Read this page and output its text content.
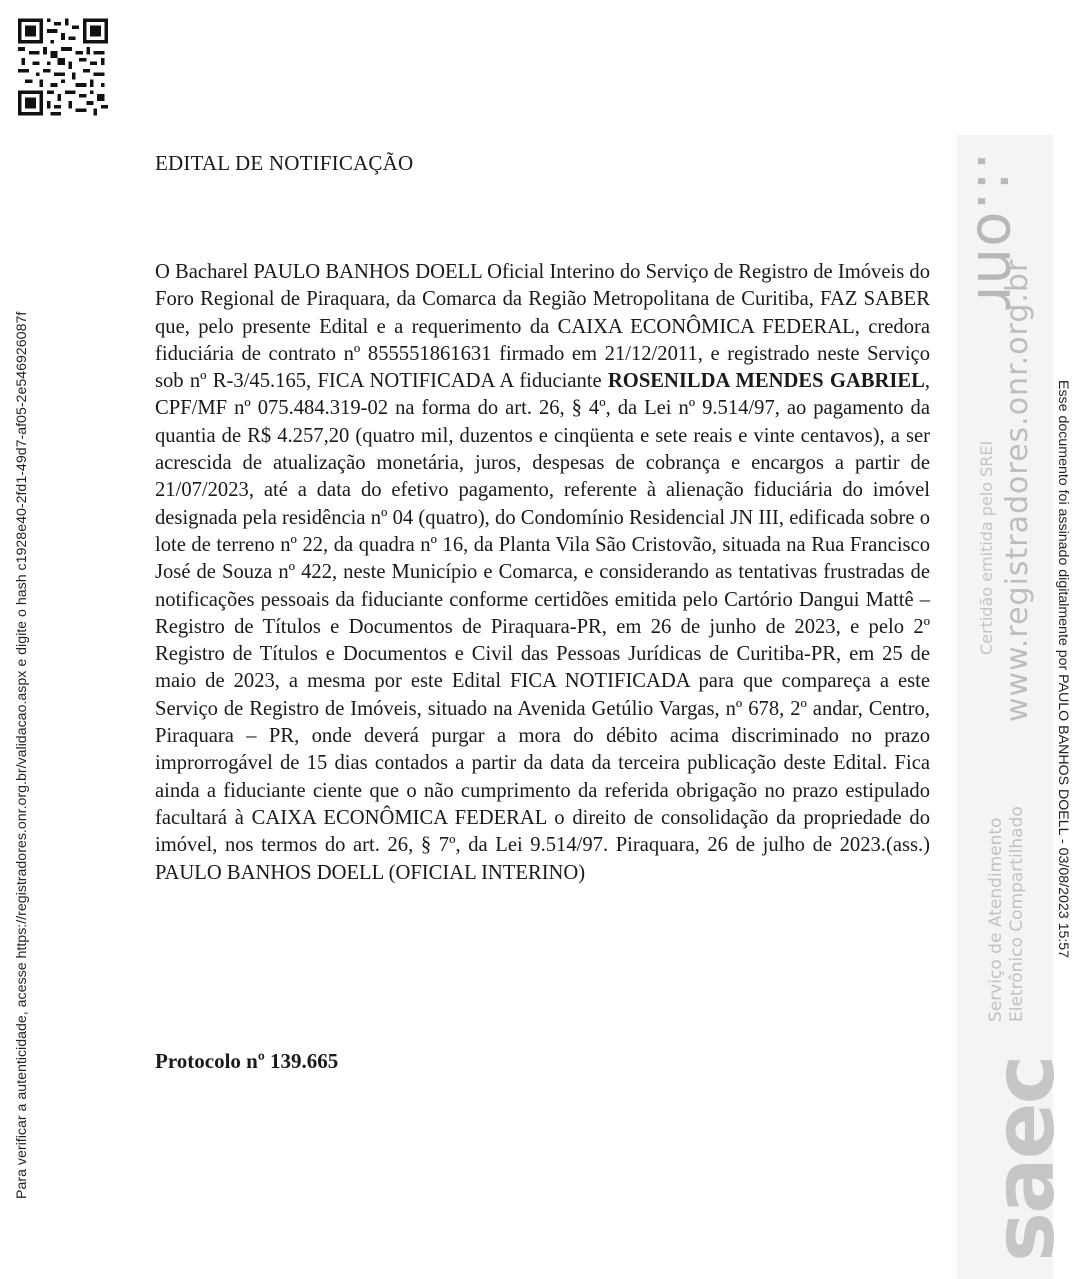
Para verificar a autenticidade, acesse https://registradores.onr.org.br/validacao.aspx e digite o hash c1928e40-2fd1-49d7-af05-2e546926087f
EDITAL DE NOTIFICAÇÃO

O Bacharel PAULO BANHOS DOELL Oficial Interino do Serviço de Registro de Imóveis do Foro Regional de Piraquara, da Comarca da Região Metropolitana de Curitiba, FAZ SABER que, pelo presente Edital e a requerimento da CAIXA ECONÔMICA FEDERAL, credora fiduciária de contrato nº 855551861631 firmado em 21/12/2011, e registrado neste Serviço sob nº R-3/45.165, FICA NOTIFICADA A fiduciante ROSENILDA MENDES GABRIEL, CPF/MF nº 075.484.319-02 na forma do art. 26, § 4º, da Lei nº 9.514/97, ao pagamento da quantia de R$ 4.257,20 (quatro mil, duzentos e cinqüenta e sete reais e vinte centavos), a ser acrescida de atualização monetária, juros, despesas de cobrança e encargos a partir de 21/07/2023, até a data do efetivo pagamento, referente à alienação fiduciária do imóvel designada pela residência nº 04 (quatro), do Condomínio Residencial JN III, edificada sobre o lote de terreno nº 22, da quadra nº 16, da Planta Vila São Cristovão, situada na Rua Francisco José de Souza nº 422, neste Município e Comarca, e considerando as tentativas frustradas de notificações pessoais da fiduciante conforme certidões emitida pelo Cartório Dangui Mattê – Registro de Títulos e Documentos de Piraquara-PR, em 26 de junho de 2023, e pelo 2º Registro de Títulos e Documentos e Civil das Pessoas Jurídicas de Curitiba-PR, em 25 de maio de 2023, a mesma por este Edital FICA NOTIFICADA para que compareça a este Serviço de Registro de Imóveis, situado na Avenida Getúlio Vargas, nº 678, 2º andar, Centro, Piraquara – PR, onde deverá purgar a mora do débito acima discriminado no prazo improrrogável de 15 dias contados a partir da data da terceira publicação deste Edital. Fica ainda a fiduciante ciente que o não cumprimento da referida obrigação no prazo estipulado facultará à CAIXA ECONÔMICA FEDERAL o direito de consolidação da propriedade do imóvel, nos termos do art. 26, § 7º, da Lei 9.514/97. Piraquara, 26 de julho de 2023.(ass.) PAULO BANHOS DOELL (OFICIAL INTERINO)

Protocolo nº 139.665

.:.onr
www.registradores.onr.org.br
Certidão emitida pelo SREI
Serviço de Atendimento Eletrônico Compartilhado
saec
Esse documento foi assinado digitalmente por PAULO BANHOS DOELL - 03/08/2023 15:57
